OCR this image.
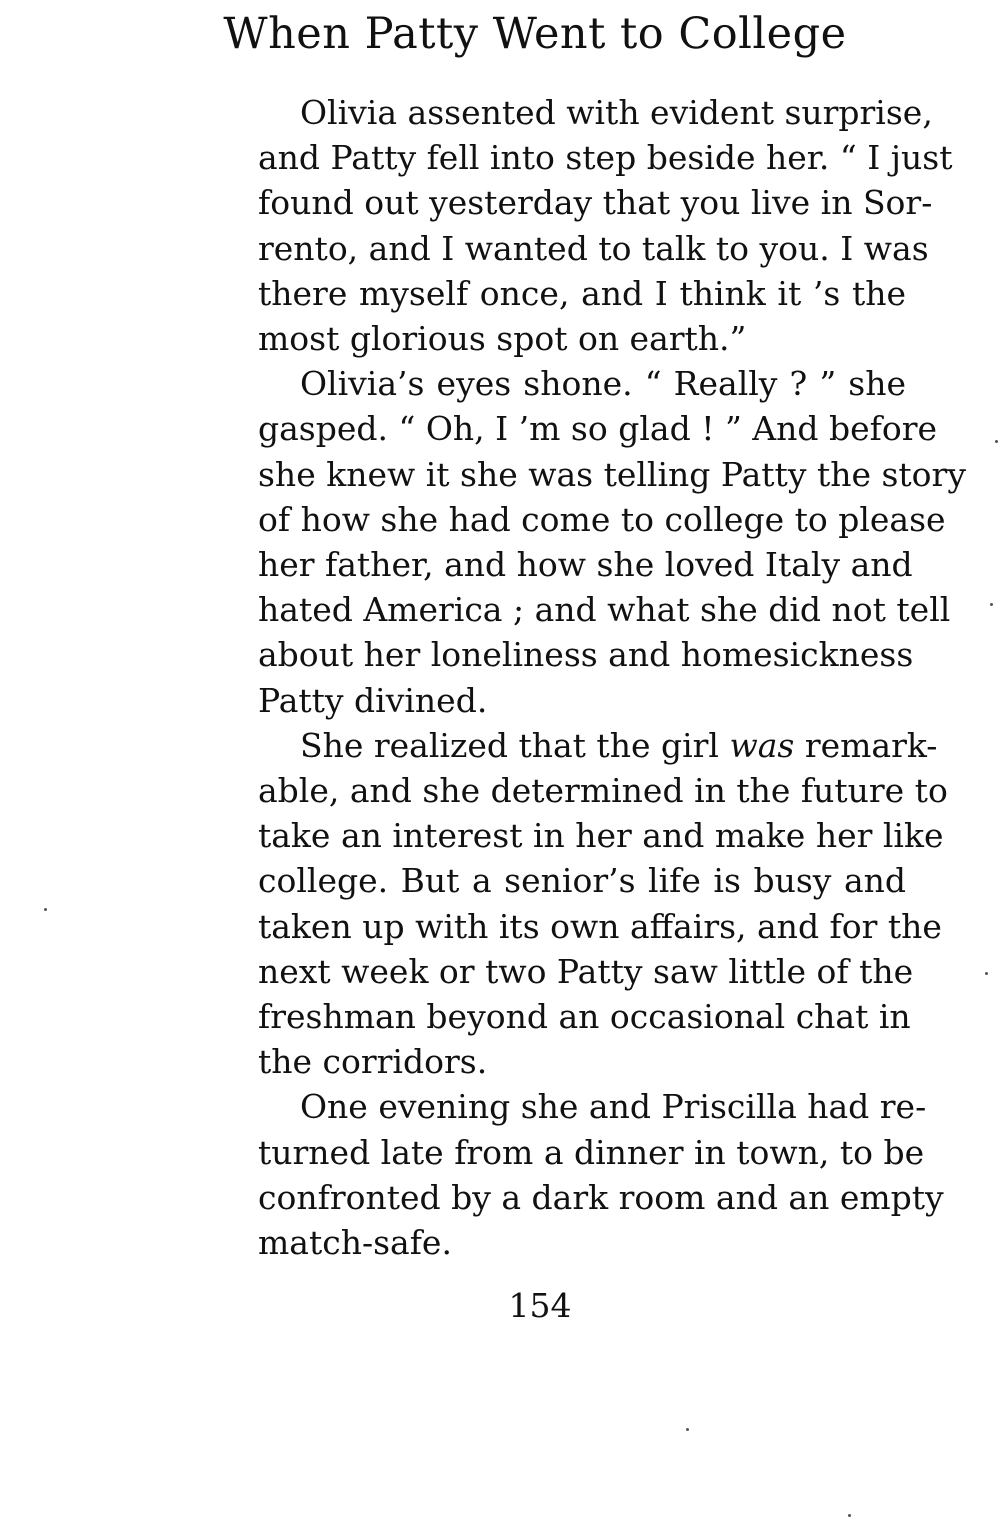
When Patty Went to College

Olivia assented with evident surprise,
and Patty fell into step beside her. “ I just
found out yesterday that you live in Sor-
rento, and I wanted to talk to you. I was
there myself once, and I think it ’s the
most glorious spot on earth.”

Olivia’s eyes shone. “ Really ? ” she
gasped. “ Oh, I ’m so glad ! ” And before
she knew it she was telling Patty the story
of how she had come to college to please
her father, and how she loved Italy and
hated America ; and what she did not tell
about her loneliness and homesickness
Patty divined.

She realized that the girl was remark-
able, and she determined in the future to
take an interest in her and make her like
college. But a senior’s life is busy and
taken up with its own affairs, and for the
next week or two Patty saw little of the
freshman beyond an occasional chat in
the corridors.

One evening she and Priscilla had re-
turned late from a dinner in town, to be
confronted by a dark room and an empty
match-safe.

154
